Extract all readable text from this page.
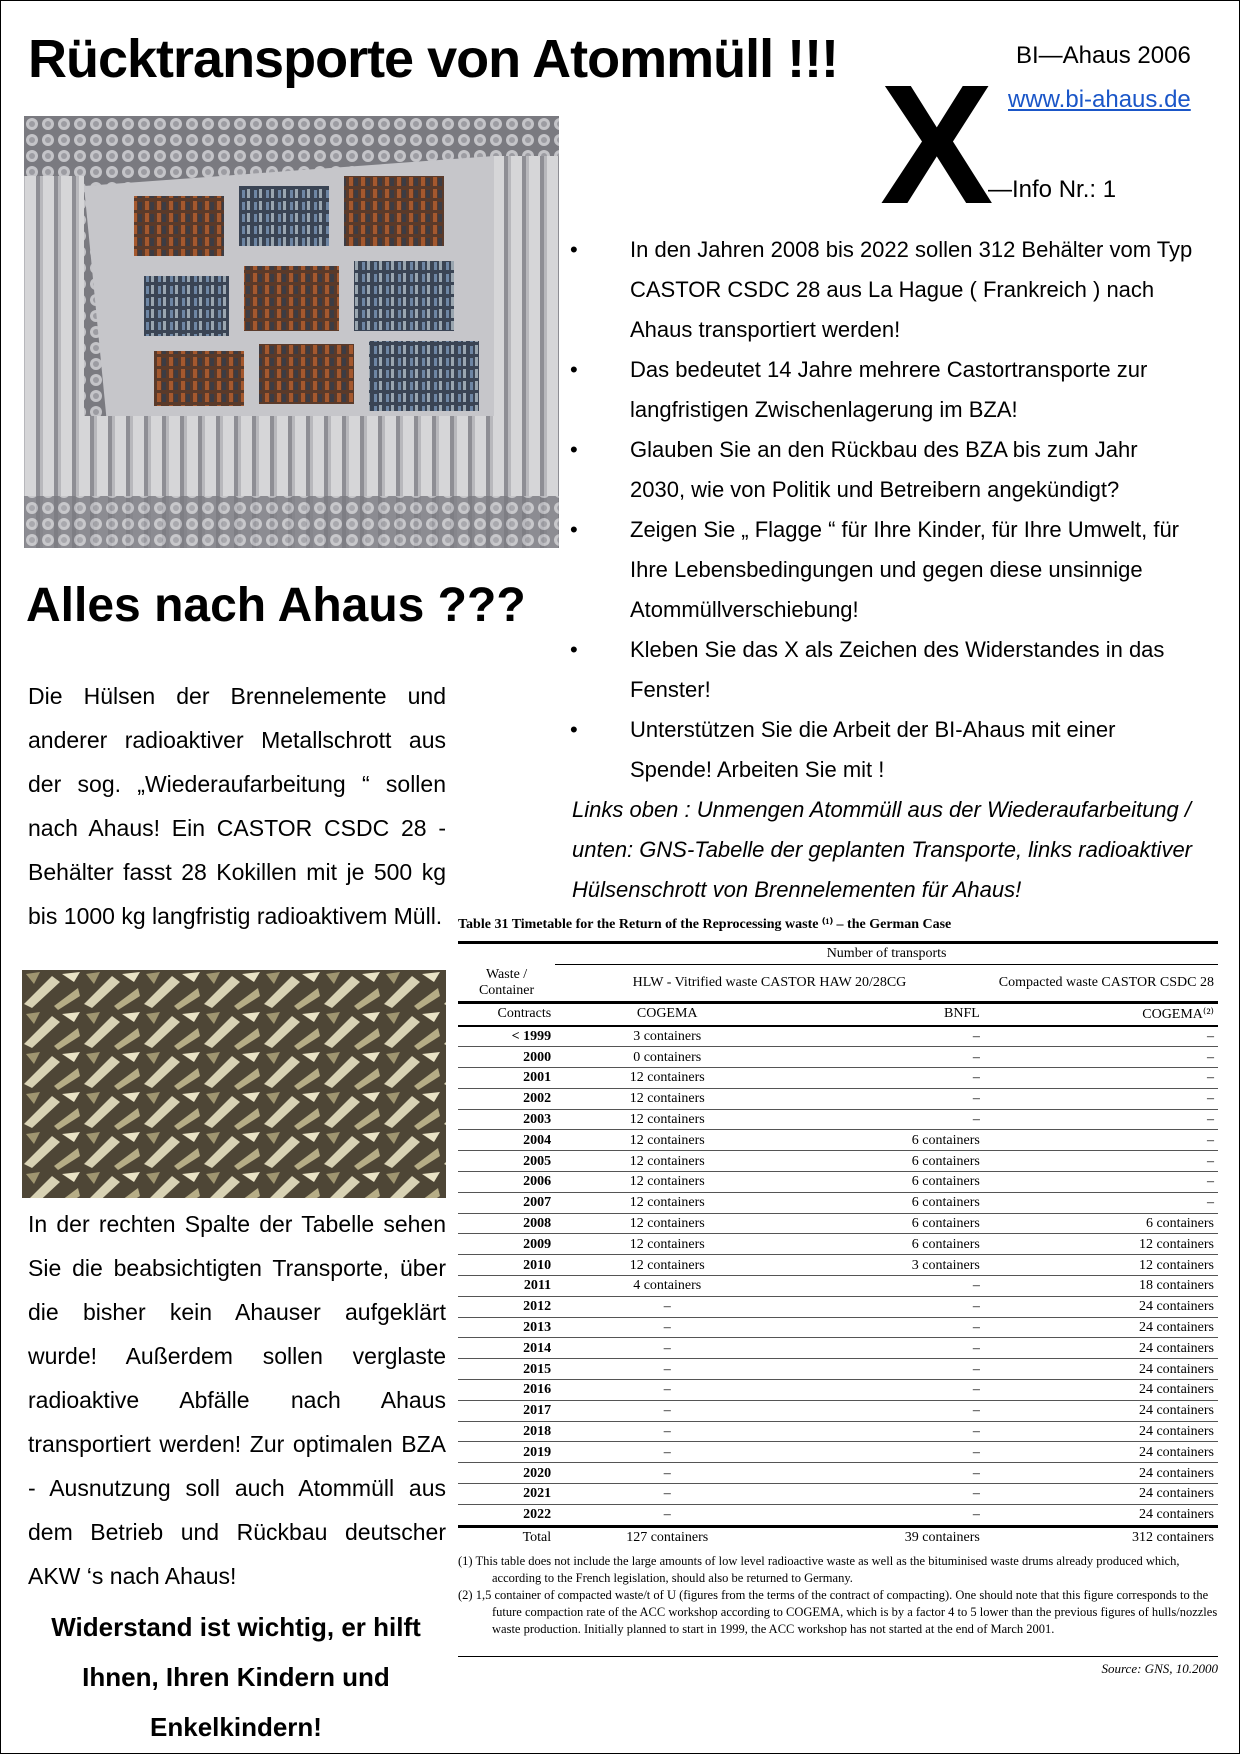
Rücktransporte von Atommüll !!!	BI—Ahaus 2006
www.bi-ahaus.de
X
—Info Nr.: 1
Alles nach Ahaus ???
Die Hülsen der Brennelemente und anderer radioaktiver Metallschrott aus der sog. „Wiederaufarbeitung “ sollen nach Ahaus! Ein CASTOR CSDC 28 - Behälter fasst 28 Kokillen mit je 500 kg bis 1000 kg langfristig radioaktivem Müll.
In der rechten Spalte der Tabelle sehen Sie die beabsichtigten Transporte, über die bisher kein Ahauser aufgeklärt wurde! Außerdem sollen verglaste radioaktive Abfälle nach Ahaus transportiert werden! Zur optimalen BZA - Ausnutzung soll auch Atommüll aus dem Betrieb und Rückbau deutscher AKW ‘s nach Ahaus!
Widerstand ist wichtig, er hilft Ihnen, Ihren Kindern und Enkelkindern!
• In den Jahren 2008 bis 2022 sollen 312 Behälter vom Typ CASTOR CSDC 28 aus La Hague ( Frankreich ) nach Ahaus transportiert werden!
• Das bedeutet 14 Jahre mehrere Castortransporte zur langfristigen Zwischenlagerung im BZA!
• Glauben Sie an den Rückbau des BZA bis zum Jahr 2030, wie von Politik und Betreibern angekündigt?
• Zeigen Sie „ Flagge “ für Ihre Kinder, für Ihre Umwelt, für Ihre Lebensbedingungen und gegen diese unsinnige Atommüllverschiebung!
• Kleben Sie das X als Zeichen des Widerstandes in das Fenster!
• Unterstützen Sie die Arbeit der BI-Ahaus mit einer Spende! Arbeiten Sie mit !
Links oben : Unmengen Atommüll aus der Wiederaufarbeitung / unten: GNS-Tabelle der geplanten Transporte, links radioaktiver Hülsenschrott von Brennelementen für Ahaus!
Table 31 Timetable for the Return of the Reprocessing waste ⁽¹⁾ – the German Case
	Number of transports		
Waste / Container	HLW - Vitrified waste CASTOR HAW 20/28CG		Compacted waste CASTOR CSDC 28
Contracts	COGEMA	BNFL	COGEMA⁽²⁾
< 1999	3 containers	–	–
2000	0 containers	–	–
2001	12 containers	–	–
2002	12 containers	–	–
2003	12 containers	–	–
2004	12 containers	6 containers	–
2005	12 containers	6 containers	–
2006	12 containers	6 containers	–
2007	12 containers	6 containers	–
2008	12 containers	6 containers	6 containers
2009	12 containers	6 containers	12 containers
2010	12 containers	3 containers	12 containers
2011	4 containers	–	18 containers
2012	–	–	24 containers
2013	–	–	24 containers
2014	–	–	24 containers
2015	–	–	24 containers
2016	–	–	24 containers
2017	–	–	24 containers
2018	–	–	24 containers
2019	–	–	24 containers
2020	–	–	24 containers
2021	–	–	24 containers
2022	–	–	24 containers
Total	127 containers	39 containers	312 containers
(1) This table does not include the large amounts of low level radioactive waste as well as the bituminised waste drums already produced which, according to the French legislation, should also be returned to Germany.
(2) 1,5 container of compacted waste/t of U (figures from the terms of the contract of compacting). One should note that this figure corresponds to the future compaction rate of the ACC workshop according to COGEMA, which is by a factor 4 to 5 lower than the previous figures of hulls/nozzles waste production. Initially planned to start in 1999, the ACC workshop has not started at the end of March 2001.
Source: GNS, 10.2000
